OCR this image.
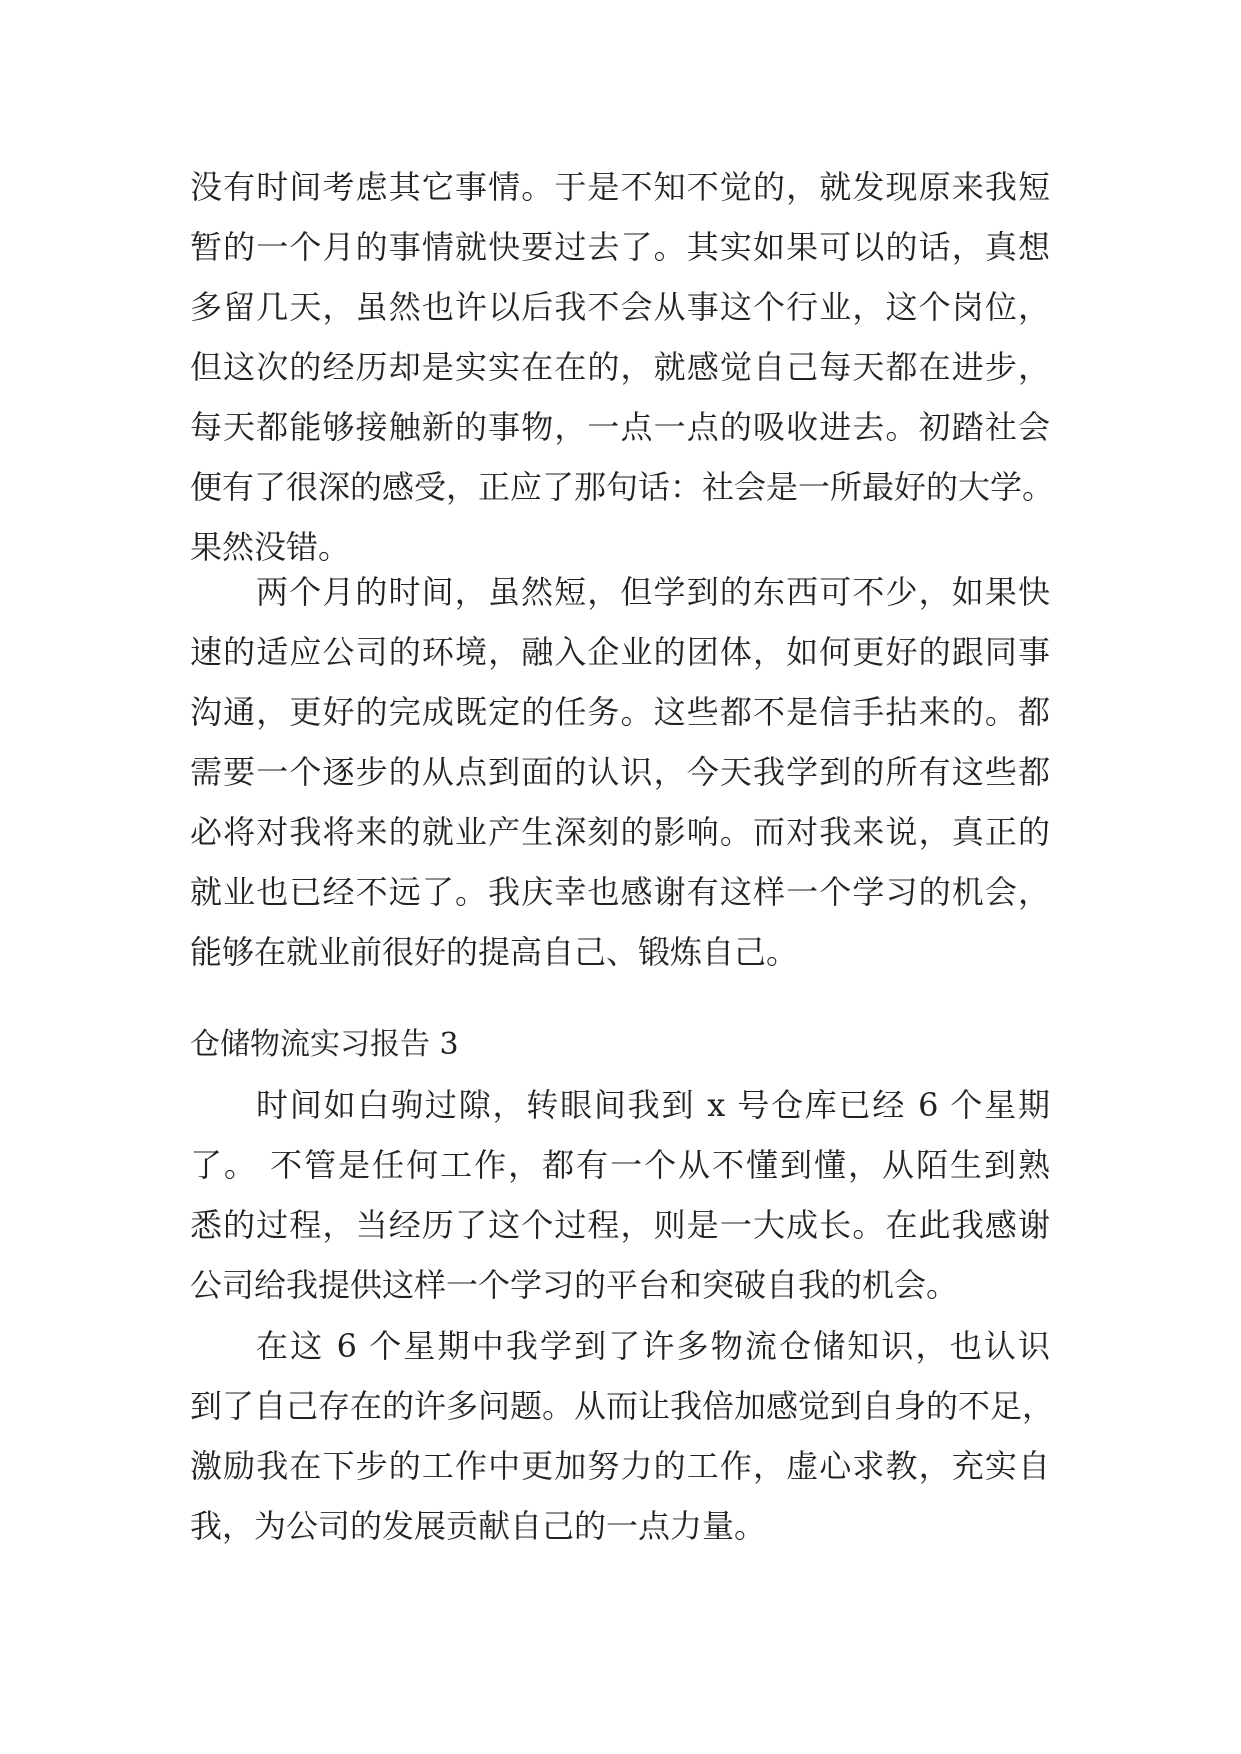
没有时间考虑其它事情。于是不知不觉的，就发现原来我短
暂的一个月的事情就快要过去了。其实如果可以的话，真想
多留几天，虽然也许以后我不会从事这个行业，这个岗位，
但这次的经历却是实实在在的，就感觉自己每天都在进步，
每天都能够接触新的事物，一点一点的吸收进去。初踏社会
便有了很深的感受，正应了那句话：社会是一所最好的大学。
果然没错。
两个月的时间，虽然短，但学到的东西可不少，如果快
速的适应公司的环境，融入企业的团体，如何更好的跟同事
沟通，更好的完成既定的任务。这些都不是信手拈来的。都
需要一个逐步的从点到面的认识，今天我学到的所有这些都
必将对我将来的就业产生深刻的影响。而对我来说，真正的
就业也已经不远了。我庆幸也感谢有这样一个学习的机会，
能够在就业前很好的提高自己、锻炼自己。
仓储物流实习报告 3
时间如白驹过隙，转眼间我到 x 号仓库已经 6 个星期
了。 不管是任何工作，都有一个从不懂到懂，从陌生到熟
悉的过程，当经历了这个过程，则是一大成长。在此我感谢
公司给我提供这样一个学习的平台和突破自我的机会。
在这 6 个星期中我学到了许多物流仓储知识，也认识
到了自己存在的许多问题。从而让我倍加感觉到自身的不足，
激励我在下步的工作中更加努力的工作，虚心求教，充实自
我，为公司的发展贡献自己的一点力量。
